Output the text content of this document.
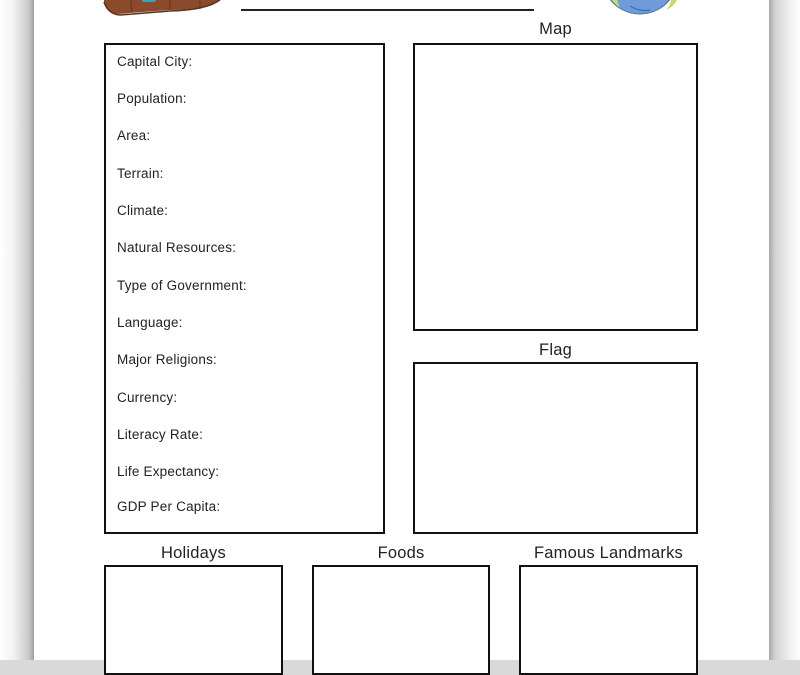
Capital City:
Population:
Area:
Terrain:
Climate:
Natural Resources:
Type of Government:
Language:
Major Religions:
Currency:
Literacy Rate:
Life Expectancy:
GDP Per Capita:
Map
Flag
Holidays	Foods	Famous Landmarks
